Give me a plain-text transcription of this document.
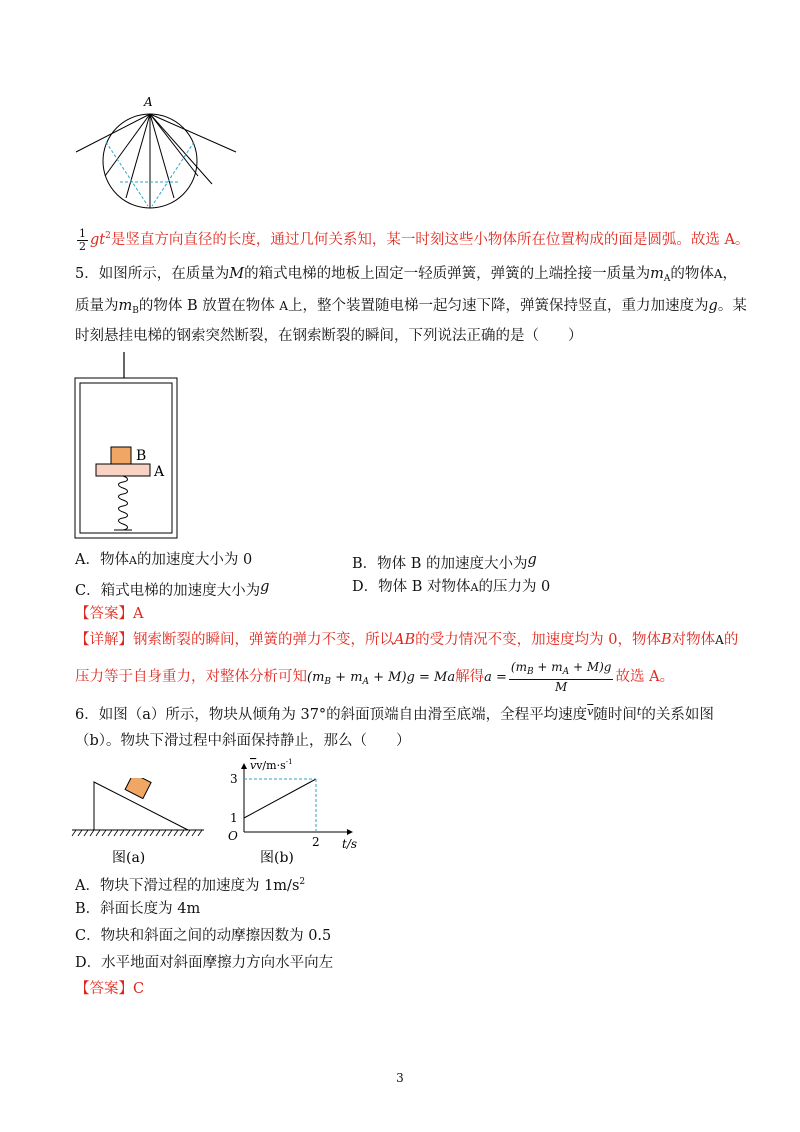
A
$\frac{1}{2} gt^2$是竖直方向直径的长度，通过几何关系知，某一时刻这些小物体所在位置构成的面是圆弧。故选 A。
5．如图所示，在质量为M的箱式电梯的地板上固定一轻质弹簧，弹簧的上端拴接一质量为$m_A$的物体A，
质量为$m_B$的物体 B 放置在物体 A上，整个装置随电梯一起匀速下降，弹簧保持竖直，重力加速度为g。某
时刻悬挂电梯的钢索突然断裂，在钢索断裂的瞬间，下列说法正确的是（　　）
B
A
A．物体A的加速度大小为 0	B．物体 B 的加速度大小为g
C．箱式电梯的加速度大小为g	D．物体 B 对物体A的压力为 0
【答案】A
【详解】钢索断裂的瞬间，弹簧的弹力不变，所以AB的受力情况不变，加速度均为 0，物体B对物体A的
压力等于自身重力，对整体分析可知$(m_B + m_A + M)g = Ma$解得$a = \frac{(m_B + m_A + M)g}{M}$ 故选 A。
6．如图（a）所示，物块从倾角为 37°的斜面顶端自由滑至底端，全程平均速度$^{\overline{v}}$随时间$^t$的关系如图
（b）。物块下滑过程中斜面保持静止，那么（　　）
图(a)
$vv/m\cdot s^{-1}$
3
1
O	2 t/s
图(b)
A．物块下滑过程的加速度为 $1m/s^2$
B．斜面长度为 4m
C．物块和斜面之间的动摩擦因数为 0.5
D．水平地面对斜面摩擦力方向水平向左
【答案】C
3
